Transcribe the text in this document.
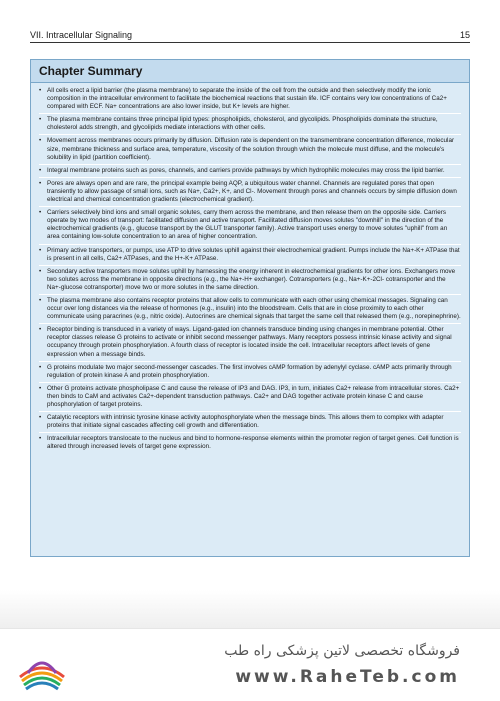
VII. Intracellular Signaling	15
Chapter Summary
• All cells erect a lipid barrier (the plasma membrane) to separate the inside of the cell from the outside and then selectively modify the ionic composition in the intracellular environment to facilitate the biochemical reactions that sustain life. ICF contains very low concentrations of Ca2+ compared with ECF. Na+ concentrations are also lower inside, but K+ levels are higher.
• The plasma membrane contains three principal lipid types: phospholipids, cholesterol, and glycolipids. Phospholipids dominate the structure, cholesterol adds strength, and glycolipids mediate interactions with other cells.
• Movement across membranes occurs primarily by diffusion. Diffusion rate is dependent on the transmembrane concentration difference, molecular size, membrane thickness and surface area, temperature, viscosity of the solution through which the molecule must diffuse, and the molecule's solubility in lipid (partition coefficient).
• Integral membrane proteins such as pores, channels, and carriers provide pathways by which hydrophilic molecules may cross the lipid barrier.
• Pores are always open and are rare, the principal example being AQP, a ubiquitous water channel. Channels are regulated pores that open transiently to allow passage of small ions, such as Na+, Ca2+, K+, and Cl-. Movement through pores and channels occurs by simple diffusion down electrical and chemical concentration gradients (electrochemical gradient).
• Carriers selectively bind ions and small organic solutes, carry them across the membrane, and then release them on the opposite side. Carriers operate by two modes of transport: facilitated diffusion and active transport. Facilitated diffusion moves solutes "downhill" in the direction of the electrochemical gradients (e.g., glucose transport by the GLUT transporter family). Active transport uses energy to move solutes "uphill" from an area containing low-solute concentration to an area of higher concentration.
• Primary active transporters, or pumps, use ATP to drive solutes uphill against their electrochemical gradient. Pumps include the Na+-K+ ATPase that is present in all cells, Ca2+ ATPases, and the H+-K+ ATPase.
• Secondary active transporters move solutes uphill by harnessing the energy inherent in electrochemical gradients for other ions. Exchangers move two solutes across the membrane in opposite directions (e.g., the Na+-H+ exchanger). Cotransporters (e.g., Na+-K+-2Cl- cotransporter and the Na+-glucose cotransporter) move two or more solutes in the same direction.
• The plasma membrane also contains receptor proteins that allow cells to communicate with each other using chemical messages. Signaling can occur over long distances via the release of hormones (e.g., insulin) into the bloodstream. Cells that are in close proximity to each other communicate using paracrines (e.g., nitric oxide). Autocrines are chemical signals that target the same cell that released them (e.g., norepinephrine).
• Receptor binding is transduced in a variety of ways. Ligand-gated ion channels transduce binding using changes in membrane potential. Other receptor classes release G proteins to activate or inhibit second messenger pathways. Many receptors possess intrinsic kinase activity and signal occupancy through protein phosphorylation. A fourth class of receptor is located inside the cell. Intracellular receptors affect levels of gene expression when a message binds.
• G proteins modulate two major second-messenger cascades. The first involves cAMP formation by adenylyl cyclase. cAMP acts primarily through regulation of protein kinase A and protein phosphorylation.
• Other G proteins activate phospholipase C and cause the release of IP3 and DAG. IP3, in turn, initiates Ca2+ release from intracellular stores. Ca2+ then binds to CaM and activates Ca2+-dependent transduction pathways. Ca2+ and DAG together activate protein kinase C and cause phosphorylation of target proteins.
• Catalytic receptors with intrinsic tyrosine kinase activity autophosphorylate when the message binds. This allows them to complex with adapter proteins that initiate signal cascades affecting cell growth and differentiation.
• Intracellular receptors translocate to the nucleus and bind to hormone-response elements within the promoter region of target genes. Cell function is altered through increased levels of target gene expression.
فروشگاه تخصصی لاتین پزشکی راه طب
www.RaheTeb.com
